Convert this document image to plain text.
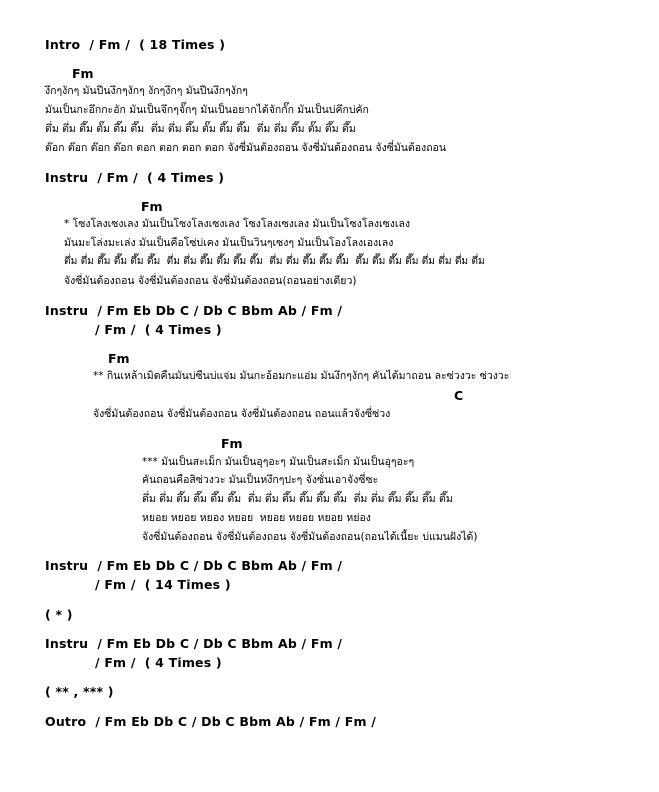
Intro  / Fm /  ( 18 Times )
Fm
งึกๆงักๆ มันปีนงึกๆงักๆ งักๆงึกๆ มันปีนงึกๆงักๆ
มันเป็นกะอึกกะอัก มันเป็นจึกๆจั๊กๆ มันเป็นอยากได้จักกั๊ก มันเป็นบ่คึกบ่คัก
ตึ่ม ตึ่ม ตึ๊ม ตั๊ม ตึ๊ม ตึ๊ม  ตึ่ม ตึ่ม ตึ๊ม ตั๊ม ตึ๊ม ตึ๊ม  ตึ่ม ตึ่ม ตึ๊ม ตั๊ม ตึ๊ม ตึ๊ม
ต๊อก ต๊อก ต๊อก ต๊อก ตอก ตอก ตอก ตอก จังซี่มันต้องถอน จังซี่มันต้องถอน จังซี่มันต้องถอน
Instru  / Fm /  ( 4 Times )
Fm
* โซงโลงเซงเลง มันเป็นโซงโลงเซงเลง โซงโลงเซงเลง มันเป็นโซงโลงเซงเลง
มันมะโล่งมะเล่ง มันเป็นคือโซ่บ่เคง มันเป็นวินๆเซงๆ มันเป็นโองโลงเองเลง
ตึ่ม ตึ่ม ตึ๊ม ตึ๊ม ตึ๊ม ตึ๊ม  ตึ่ม ตึ่ม ตึ๊ม ตึ๊ม ตึ๊ม ตึ๊ม  ตึ่ม ตึ่ม ตึ๊ม ตึ๊ม ตึ๊ม  ตึ๊ม ตึ๊ม ตึ๊ม ตึ๊ม ตึ่ม ตึ่ม ตึ่ม ตึ่ม
จังซี่มันต้องถอน จังซี่มันต้องถอน จังซี่มันต้องถอน(ถอนอย่างเดียว)
Instru  / Fm Eb Db C / Db C Bbm Ab / Fm /
/ Fm /  ( 4 Times )
Fm
** กินเหล้าเมิดคืนมันบ่ซืนบ่แจ่ม มันกะอ้อมกะแอ่ม มันงึกๆงักๆ คันได้มาถอน ละซ่วงวะ ซ่วงวะ
C
จังซี่มันต้องถอน จังซี่มันต้องถอน จังซี่มันต้องถอน ถอนแล้วจังซี่ซ่วง
Fm
*** มันเป็นสะเม็ก มันเป็นอุๆอะๆ มันเป็นสะเม็ก มันเป็นอุๆอะๆ
คันถอนคือสิซ่วงวะ มันเป็นหงึกๆปะๆ จังซั่นเอาจังซี่ซะ
ตึ่ม ตึ่ม ตึ๊ม ตึ๊ม ตึ๊ม ตึ๊ม  ตึ่ม ตึ่ม ตึ๊ม ตึ๊ม ตึ๊ม ตึ๊ม  ตึ่ม ตึ่ม ตึ๊ม ตึ๊ม ตึ๊ม ตึ๊ม
หยอย หยอย หยอง หยอย  หยอย หยอย หยอย หย่อง
จังซี่มันต้องถอน จังซี่มันต้องถอน จังซี่มันต้องถอน(ถอนได้เนี้ยะ บ่แมนฝังได้)
Instru  / Fm Eb Db C / Db C Bbm Ab / Fm /
/ Fm /  ( 14 Times )
( * )
Instru  / Fm Eb Db C / Db C Bbm Ab / Fm /
/ Fm /  ( 4 Times )
( ** , *** )
Outro  / Fm Eb Db C / Db C Bbm Ab / Fm / Fm /
